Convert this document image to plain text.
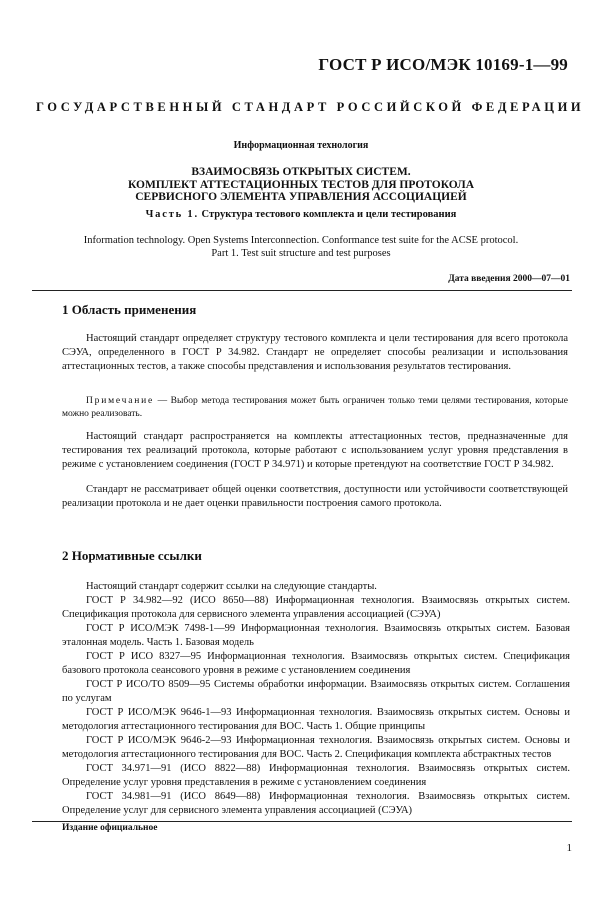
ГОСТ Р ИСО/МЭК 10169-1—99
ГОСУДАРСТВЕННЫЙ СТАНДАРТ РОССИЙСКОЙ ФЕДЕРАЦИИ
Информационная технология
ВЗАИМОСВЯЗЬ ОТКРЫТЫХ СИСТЕМ.
КОМПЛЕКТ АТТЕСТАЦИОННЫХ ТЕСТОВ ДЛЯ ПРОТОКОЛА
СЕРВИСНОГО ЭЛЕМЕНТА УПРАВЛЕНИЯ АССОЦИАЦИЕЙ
Часть 1. Структура тестового комплекта и цели тестирования
Information technology. Open Systems Interconnection. Conformance test suite for the ACSE protocol.
Part 1. Test suit structure and test purposes
Дата введения 2000—07—01
1 Область применения

Настоящий стандарт определяет структуру тестового комплекта и цели тестирования для всего протокола СЭУА, определенного в ГОСТ Р 34.982. Стандарт не определяет способы реализации и использования аттестационных тестов, а также способы представления и использования результатов тестирования.

Примечание — Выбор метода тестирования может быть ограничен только теми целями тестирования, которые можно реализовать.

Настоящий стандарт распространяется на комплекты аттестационных тестов, предназначенные для тестирования тех реализаций протокола, которые работают с использованием услуг уровня представления в режиме с установлением соединения (ГОСТ Р 34.971) и которые претендуют на соответствие ГОСТ Р 34.982.

Стандарт не рассматривает общей оценки соответствия, доступности или устойчивости соответствующей реализации протокола и не дает оценки правильности построения самого протокола.

2 Нормативные ссылки

Настоящий стандарт содержит ссылки на следующие стандарты.

ГОСТ Р 34.982—92 (ИСО 8650—88) Информационная технология. Взаимосвязь открытых систем. Спецификация протокола для сервисного элемента управления ассоциацией (СЭУА)

ГОСТ Р ИСО/МЭК 7498-1—99 Информационная технология. Взаимосвязь открытых систем. Базовая эталонная модель. Часть 1. Базовая модель

ГОСТ Р ИСО 8327—95 Информационная технология. Взаимосвязь открытых систем. Спецификация базового протокола сеансового уровня в режиме с установлением соединения

ГОСТ Р ИСО/ТО 8509—95 Системы обработки информации. Взаимосвязь открытых систем. Соглашения по услугам

ГОСТ Р ИСО/МЭК 9646-1—93 Информационная технология. Взаимосвязь открытых систем. Основы и методология аттестационного тестирования для ВОС. Часть 1. Общие принципы

ГОСТ Р ИСО/МЭК 9646-2—93 Информационная технология. Взаимосвязь открытых систем. Основы и методология аттестационного тестирования для ВОС. Часть 2. Спецификация комплекта абстрактных тестов

ГОСТ 34.971—91 (ИСО 8822—88) Информационная технология. Взаимосвязь открытых систем. Определение услуг уровня представления в режиме с установлением соединения

ГОСТ 34.981—91 (ИСО 8649—88) Информационная технология. Взаимосвязь открытых систем. Определение услуг для сервисного элемента управления ассоциацией (СЭУА)

Издание официальное
1
